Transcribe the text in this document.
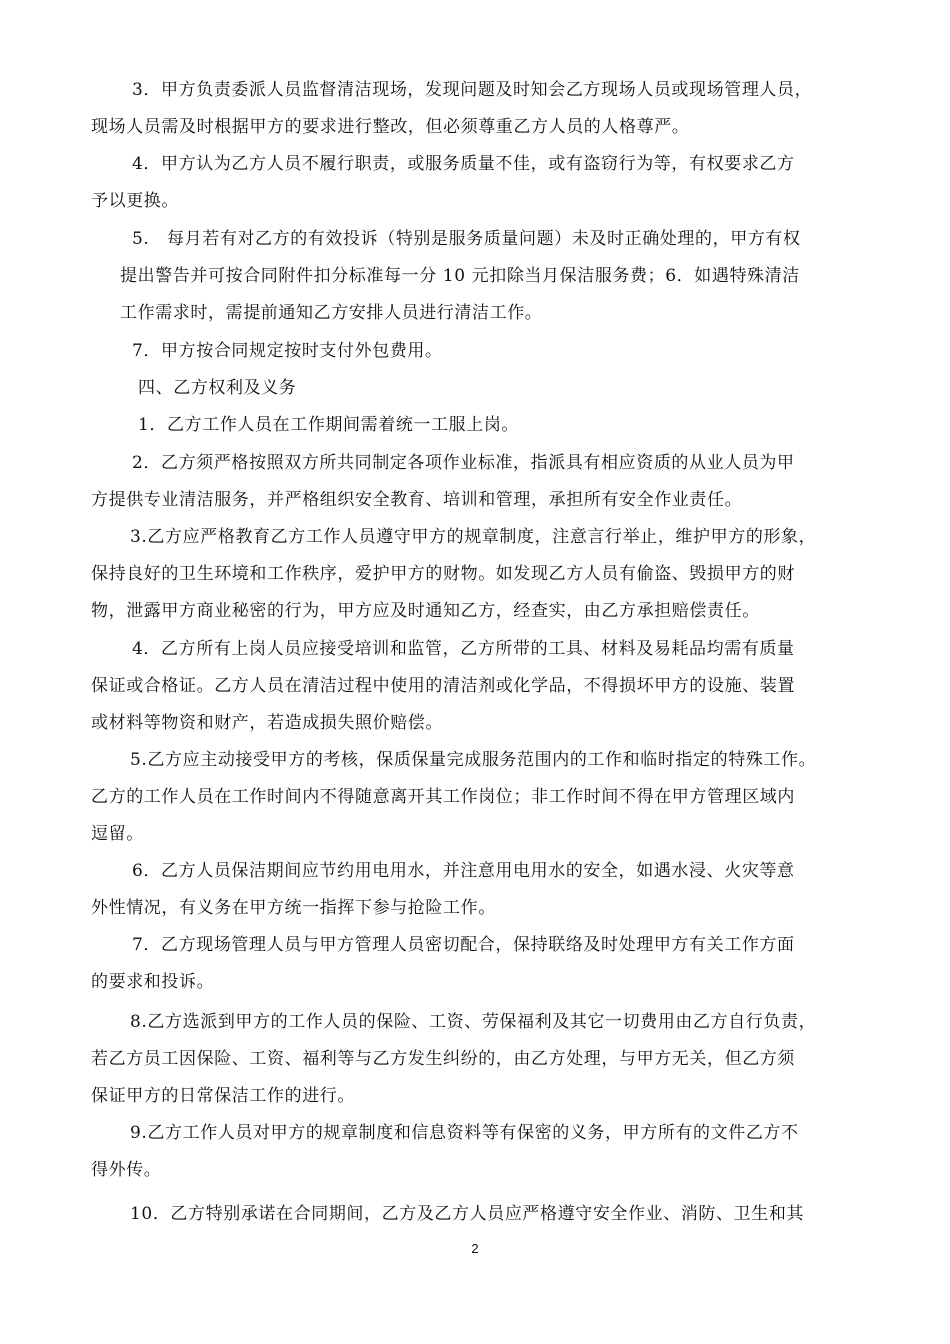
3．甲方负责委派人员监督清洁现场，发现问题及时知会乙方现场人员或现场管理人员，
现场人员需及时根据甲方的要求进行整改，但必须尊重乙方人员的人格尊严。
4．甲方认为乙方人员不履行职责，或服务质量不佳，或有盗窃行为等，有权要求乙方
予以更换。
5.　每月若有对乙方的有效投诉（特别是服务质量问题）未及时正确处理的，甲方有权
提出警告并可按合同附件扣分标准每一分 10 元扣除当月保洁服务费；6．如遇特殊清洁
工作需求时，需提前通知乙方安排人员进行清洁工作。
7．甲方按合同规定按时支付外包费用。
四、乙方权利及义务
1．乙方工作人员在工作期间需着统一工服上岗。
2．乙方须严格按照双方所共同制定各项作业标准，指派具有相应资质的从业人员为甲
方提供专业清洁服务，并严格组织安全教育、培训和管理，承担所有安全作业责任。
3.乙方应严格教育乙方工作人员遵守甲方的规章制度，注意言行举止，维护甲方的形象，
保持良好的卫生环境和工作秩序，爱护甲方的财物。如发现乙方人员有偷盗、毁损甲方的财
物，泄露甲方商业秘密的行为，甲方应及时通知乙方，经查实，由乙方承担赔偿责任。
4．乙方所有上岗人员应接受培训和监管，乙方所带的工具、材料及易耗品均需有质量
保证或合格证。乙方人员在清洁过程中使用的清洁剂或化学品，不得损坏甲方的设施、装置
或材料等物资和财产，若造成损失照价赔偿。
5.乙方应主动接受甲方的考核，保质保量完成服务范围内的工作和临时指定的特殊工作。
乙方的工作人员在工作时间内不得随意离开其工作岗位；非工作时间不得在甲方管理区域内
逗留。
6．乙方人员保洁期间应节约用电用水，并注意用电用水的安全，如遇水浸、火灾等意
外性情况，有义务在甲方统一指挥下参与抢险工作。
7．乙方现场管理人员与甲方管理人员密切配合，保持联络及时处理甲方有关工作方面
的要求和投诉。
8.乙方选派到甲方的工作人员的保险、工资、劳保福利及其它一切费用由乙方自行负责，
若乙方员工因保险、工资、福利等与乙方发生纠纷的，由乙方处理，与甲方无关，但乙方须
保证甲方的日常保洁工作的进行。
9.乙方工作人员对甲方的规章制度和信息资料等有保密的义务，甲方所有的文件乙方不
得外传。
10．乙方特别承诺在合同期间，乙方及乙方人员应严格遵守安全作业、消防、卫生和其
2
